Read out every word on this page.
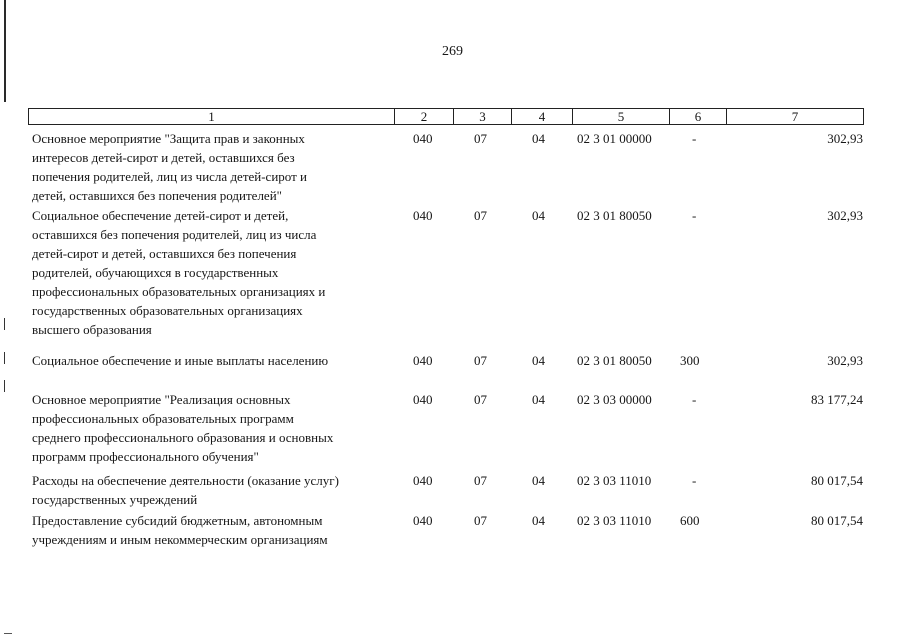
269
1	2	3	4	5	6	7
Основное мероприятие "Защита прав и законных
интересов детей-сирот и детей, оставшихся без
попечения родителей, лиц из числа детей-сирот и
детей, оставшихся без попечения родителей"
040	07	04	02 3 01 00000	-	302,93
Социальное обеспечение детей-сирот и детей,
оставшихся без попечения родителей, лиц из числа
детей-сирот и детей, оставшихся без попечения
родителей, обучающихся в государственных
профессиональных образовательных организациях и
государственных образовательных организациях
высшего образования
040	07	04	02 3 01 80050	-	302,93
Социальное обеспечение и иные выплаты населению	040	07	04	02 3 01 80050	300	302,93
Основное мероприятие "Реализация основных
профессиональных образовательных программ
среднего профессионального образования и основных
программ профессионального обучения"
040	07	04	02 3 03 00000	-	83 177,24
Расходы на обеспечение деятельности (оказание услуг)
государственных учреждений
040	07	04	02 3 03 11010	-	80 017,54
Предоставление субсидий бюджетным, автономным
учреждениям и иным некоммерческим организациям
040	07	04	02 3 03 11010	600	80 017,54
